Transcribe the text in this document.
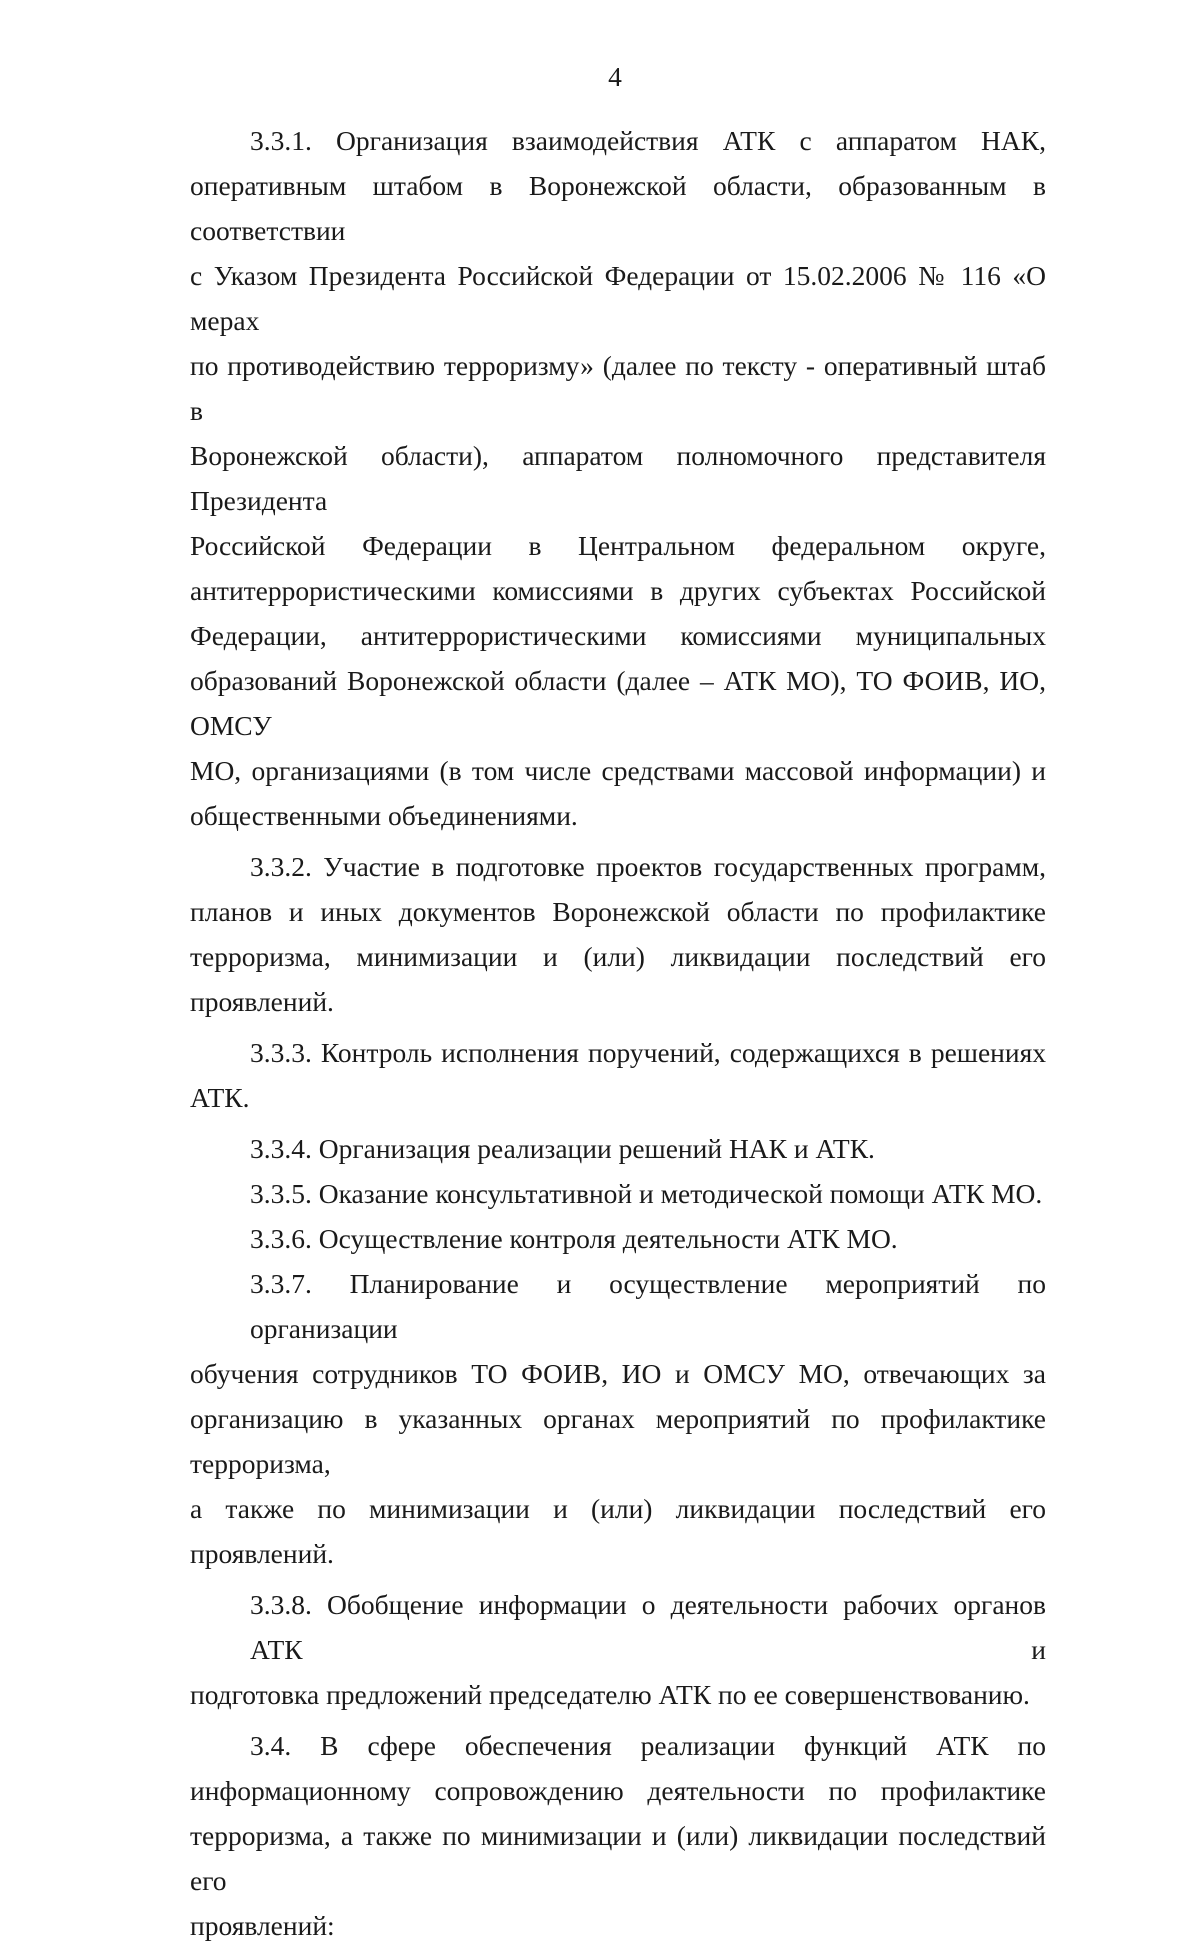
4

3.3.1. Организация взаимодействия АТК с аппаратом НАК,
оперативным штабом в Воронежской области, образованным в соответствии
с Указом Президента Российской Федерации от 15.02.2006 № 116 «О мерах
по противодействию терроризму» (далее по тексту - оперативный штаб в
Воронежской области), аппаратом полномочного представителя Президента
Российской Федерации в Центральном федеральном округе,
антитеррористическими комиссиями в других субъектах Российской
Федерации, антитеррористическими комиссиями муниципальных
образований Воронежской области (далее – АТК МО), ТО ФОИВ, ИО, ОМСУ
МО, организациями (в том числе средствами массовой информации) и
общественными объединениями.

3.3.2. Участие в подготовке проектов государственных программ,
планов и иных документов Воронежской области по профилактике
терроризма, минимизации и (или) ликвидации последствий его проявлений.

3.3.3. Контроль исполнения поручений, содержащихся в решениях
АТК.

3.3.4. Организация реализации решений НАК и АТК.

3.3.5. Оказание консультативной и методической помощи АТК МО.

3.3.6. Осуществление контроля деятельности АТК МО.

3.3.7. Планирование и осуществление мероприятий по организации
обучения сотрудников ТО ФОИВ, ИО и ОМСУ МО, отвечающих за
организацию в указанных органах мероприятий по профилактике терроризма,
а также по минимизации и (или) ликвидации последствий его проявлений.

3.3.8. Обобщение информации о деятельности рабочих органов АТК и
подготовка предложений председателю АТК по ее совершенствованию.

3.4. В сфере обеспечения реализации функций АТК по
информационному сопровождению деятельности по профилактике
терроризма, а также по минимизации и (или) ликвидации последствий его
проявлений:
